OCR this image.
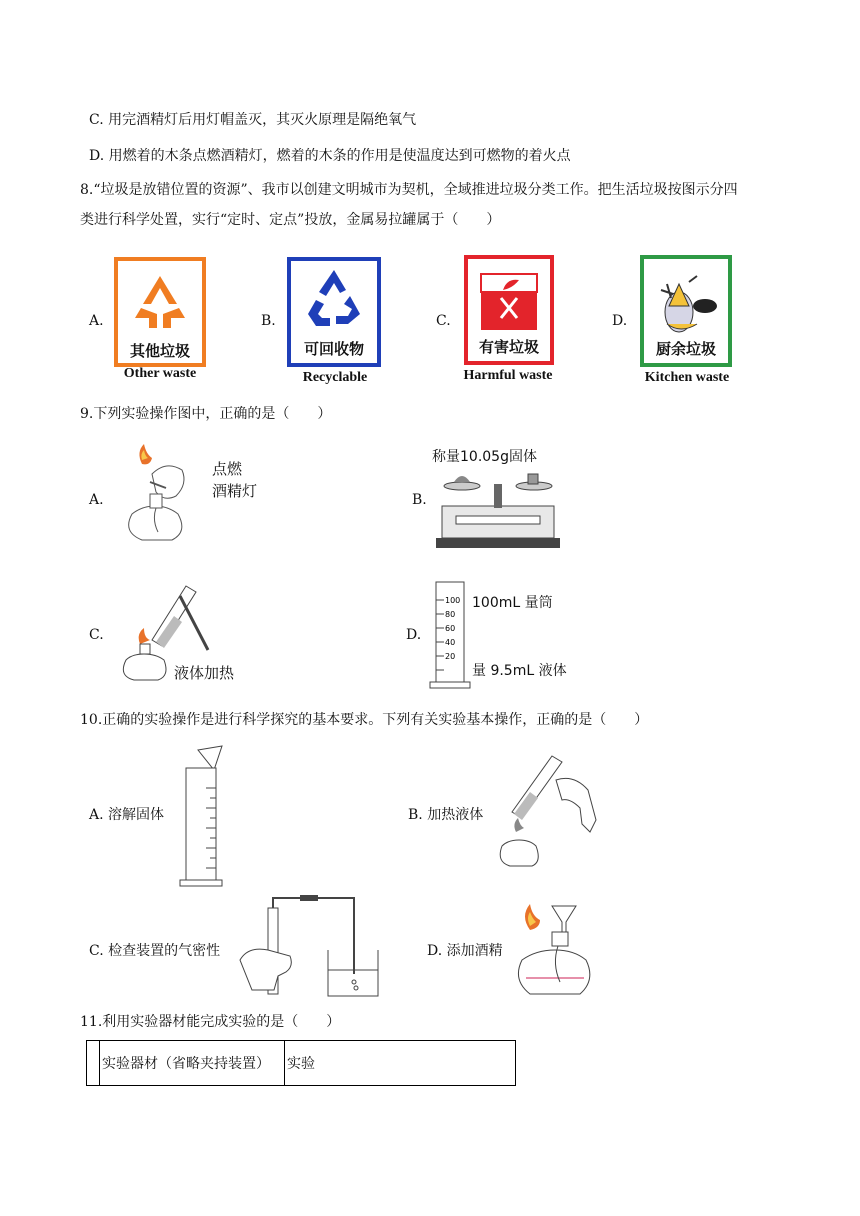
C. 用完酒精灯后用灯帽盖灭，其灭火原理是隔绝氧气
D. 用燃着的木条点燃酒精灯，燃着的木条的作用是使温度达到可燃物的着火点
8.“垃圾是放错位置的资源”、我市以创建文明城市为契机，全域推进垃圾分类工作。把生活垃圾按图示分四
类进行科学处置，实行“定时、定点”投放，金属易拉罐属于（　　）
A.
其他垃圾
Other waste
B.
可回收物
Recyclable
C.
有害垃圾
Harmful waste
D.
厨余垃圾
Kitchen waste
9.下列实验操作图中，正确的是（　　）
A.
点燃
酒精灯	B.
称量10.05g固体
C.
液体加热
D.
100
80
60
40
20
100mL 量筒
量 9.5mL 液体
10.正确的实验操作是进行科学探究的基本要求。下列有关实验基本操作，正确的是（　　）
A. 溶解固体	B. 加热液体
C. 检查装置的气密性	D. 添加酒精
11.利用实验器材能完成实验的是（　　）
	实验器材（省略夹持装置）	实验
